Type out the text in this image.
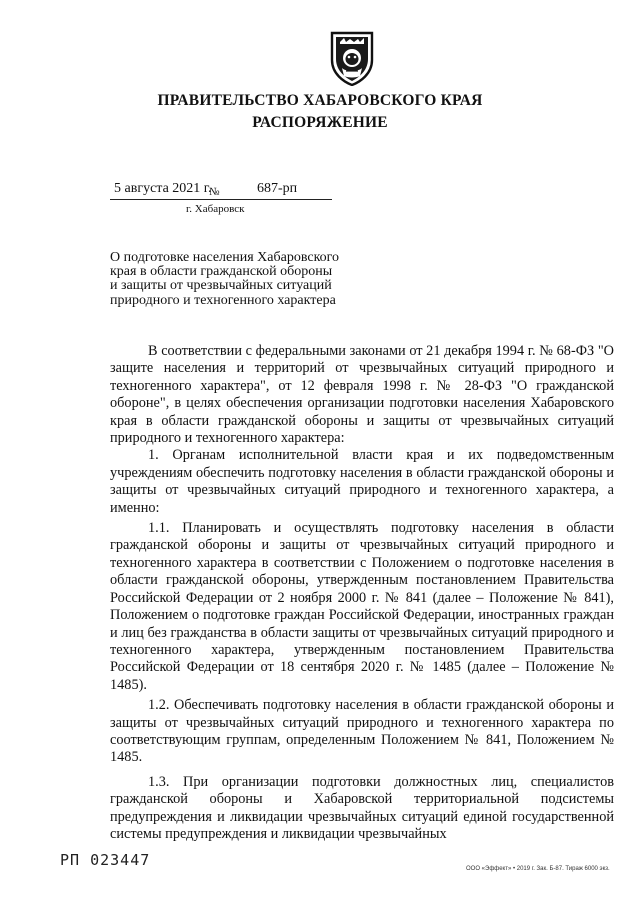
ПРАВИТЕЛЬСТВО ХАБАРОВСКОГО КРАЯ
РАСПОРЯЖЕНИЕ
5 августа 2021 г.
№	687-рп
г. Хабаровск
О подготовке населения Хабаровского
края в области гражданской обороны
и защиты от чрезвычайных ситуаций
природного и техногенного характера

В соответствии с федеральными законами от 21 декабря 1994 г. № 68-ФЗ "О защите населения и территорий от чрезвычайных ситуаций природного и техногенного характера", от 12 февраля 1998 г. № 28-ФЗ "О гражданской обороне", в целях обеспечения организации подготовки населения Хабаровского края в области гражданской обороны и защиты от чрезвычайных ситуаций природного и техногенного характера:

1. Органам исполнительной власти края и их подведомственным учреждениям обеспечить подготовку населения в области гражданской обороны и защиты от чрезвычайных ситуаций природного и техногенного характера, а именно:

1.1. Планировать и осуществлять подготовку населения в области гражданской обороны и защиты от чрезвычайных ситуаций природного и техногенного характера в соответствии с Положением о подготовке населения в области гражданской обороны, утвержденным постановлением Правительства Российской Федерации от 2 ноября 2000 г. № 841 (далее – Положение № 841), Положением о подготовке граждан Российской Федерации, иностранных граждан и лиц без гражданства в области защиты от чрезвычайных ситуаций природного и техногенного характера, утвержденным постановлением Правительства Российской Федерации от 18 сентября 2020 г. № 1485 (далее – Положение № 1485).

1.2. Обеспечивать подготовку населения в области гражданской обороны и защиты от чрезвычайных ситуаций природного и техногенного характера по соответствующим группам, определенным Положением № 841, Положением № 1485.

1.3. При организации подготовки должностных лиц, специалистов гражданской обороны и Хабаровской территориальной подсистемы предупреждения и ликвидации чрезвычайных ситуаций единой государственной системы предупреждения и ликвидации чрезвычайных

РП 023447	ООО «Эффект» • 2019 г. Зак. Б-87. Тираж 6000 экз.
